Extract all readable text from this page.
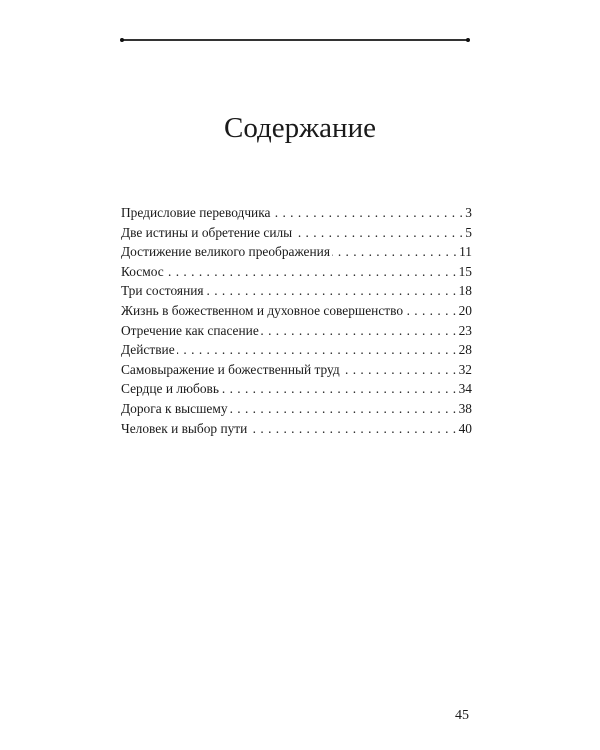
Содержание
Предисловие переводчика . . .	3
Две истины и обретение силы . . .	5
Достижение великого преображения . . .	11
Космос . . .	15
Три состояния . . .	18
Жизнь в божественном и духовное совершенство . . .	20
Отречение как спасение . . .	23
Действие . . .	28
Самовыражение и божественный труд . . .	32
Сердце и любовь . . .	34
Дорога к высшему . . .	38
Человек и выбор пути . . .	40
45
